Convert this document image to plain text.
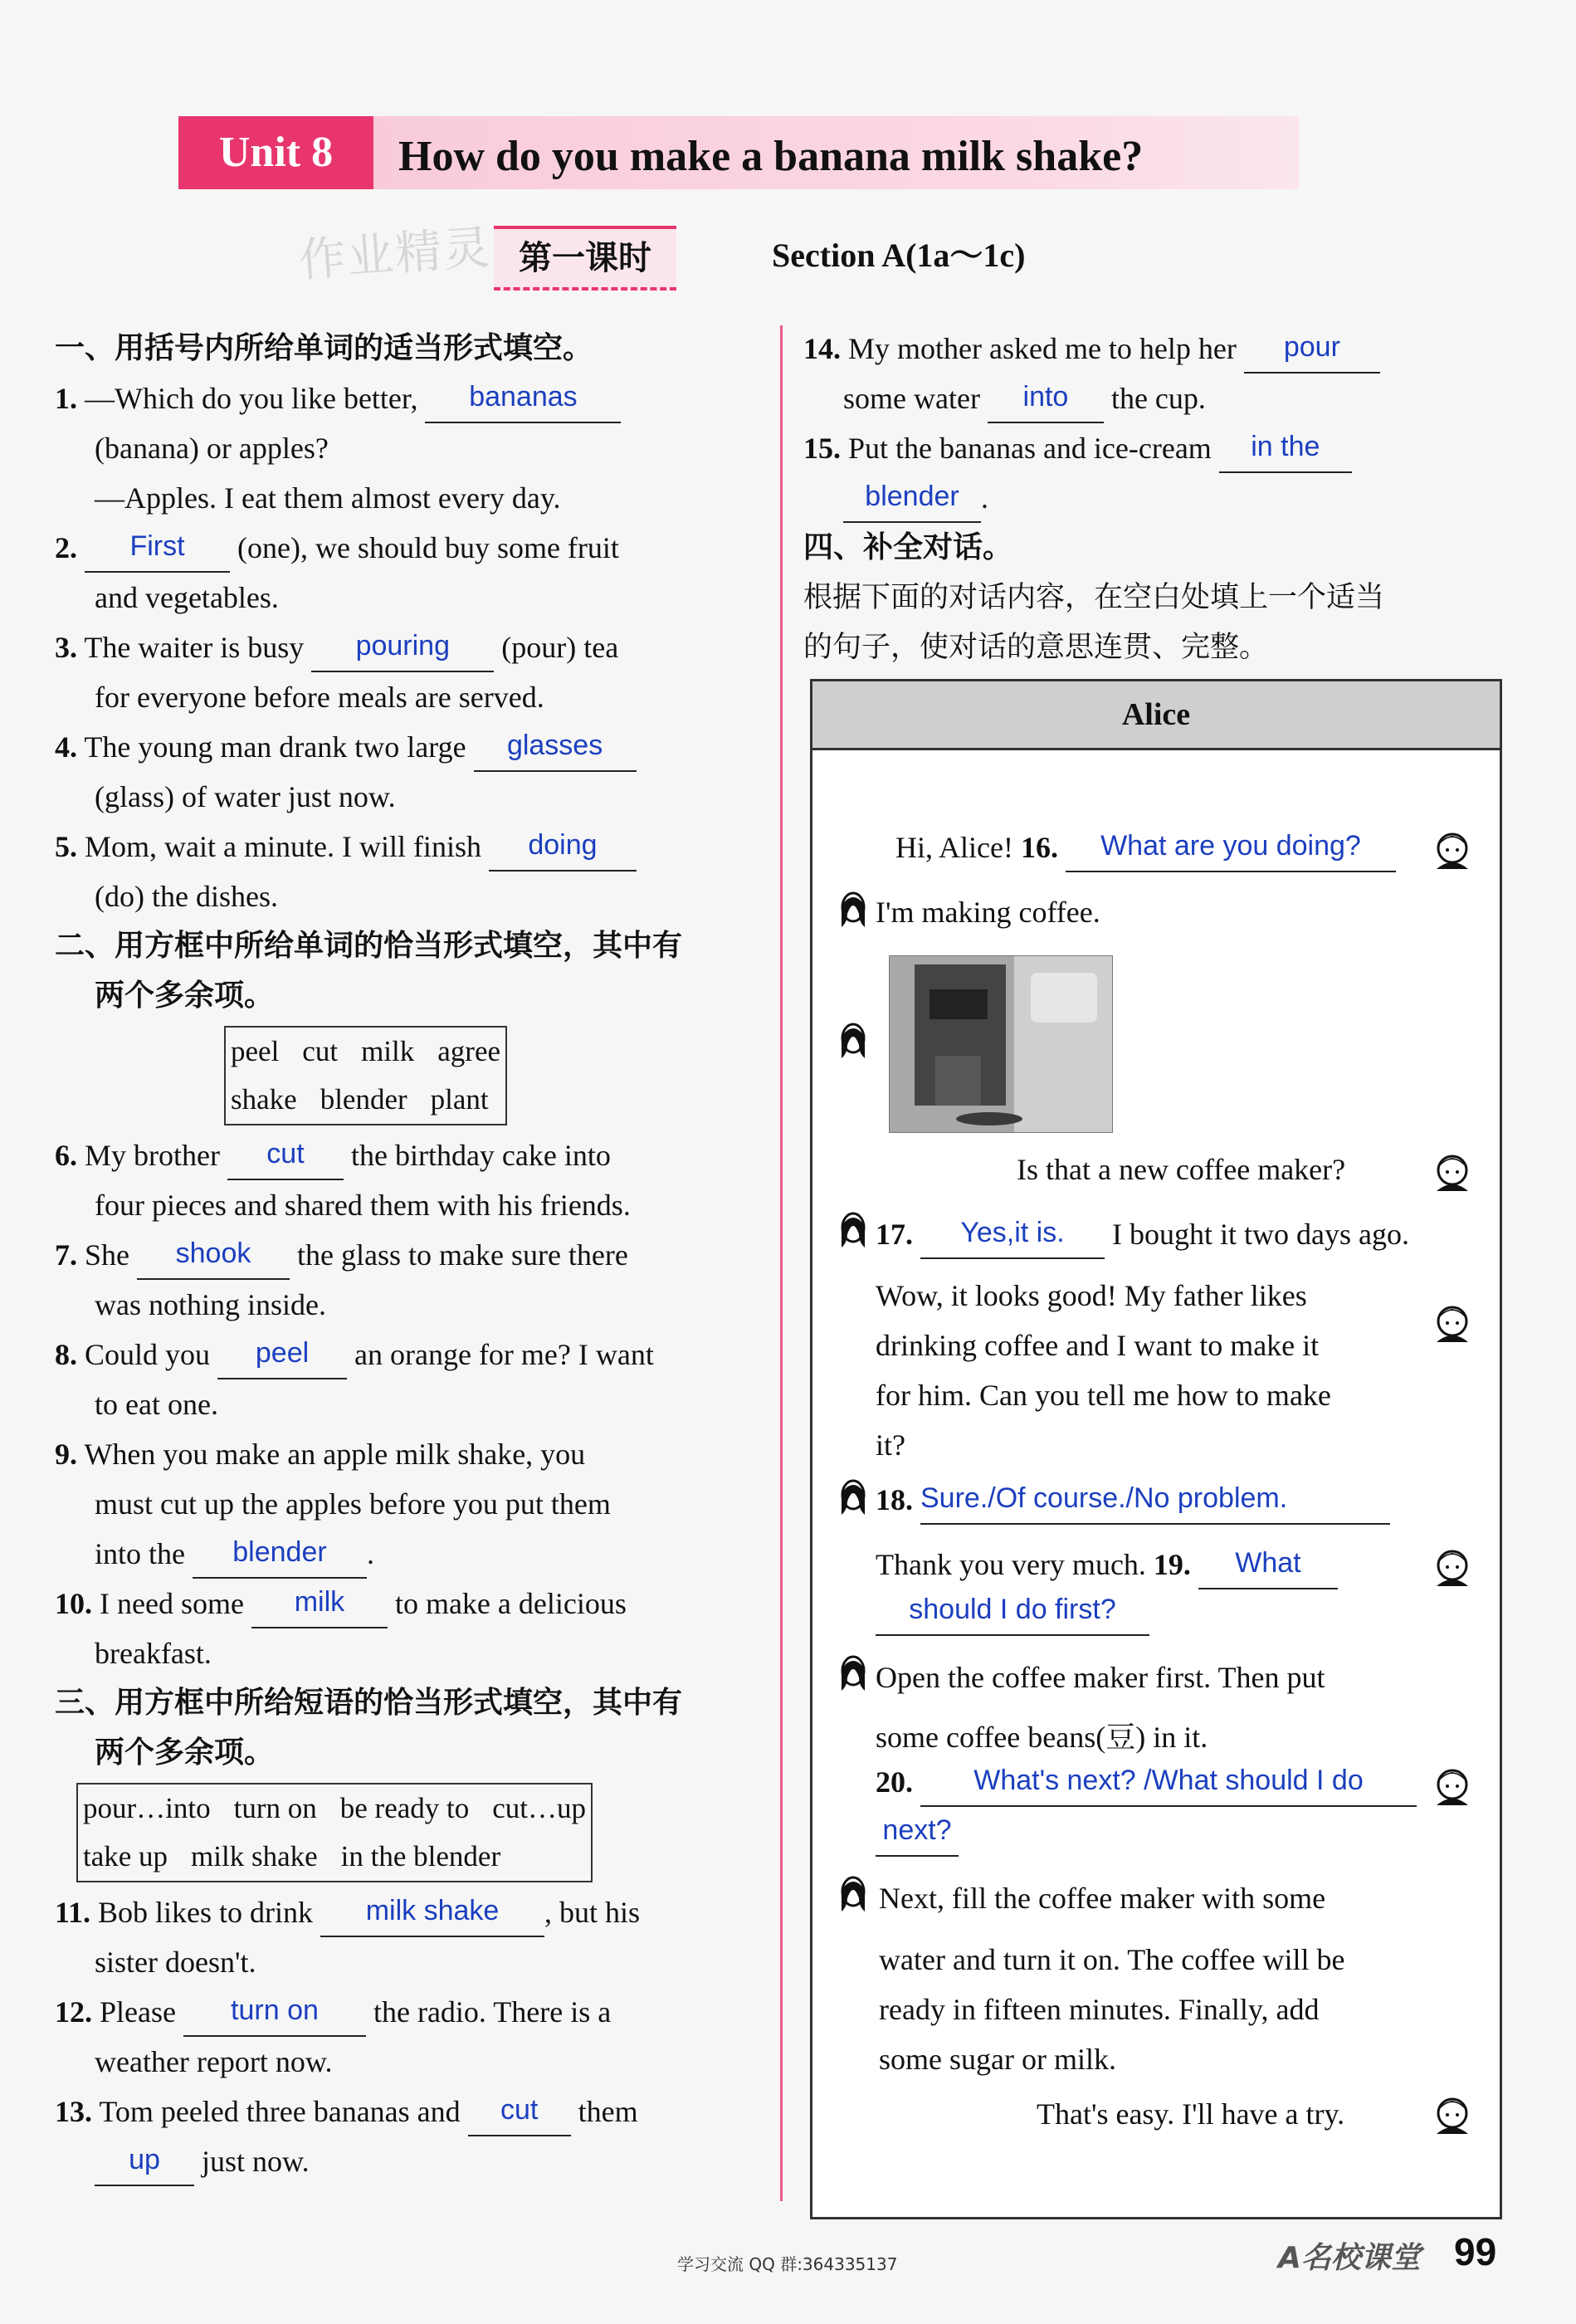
Unit 8	How do you make a banana milk shake?
作业精灵 第一课时	Section A(1a～1c)
一、用括号内所给单词的适当形式填空。
1. —Which do you like better, bananas
(banana) or apples?
—Apples. I eat them almost every day.
2. First (one), we should buy some fruit
and vegetables.
3. The waiter is busy pouring (pour) tea
for everyone before meals are served.
4. The young man drank two large glasses
(glass) of water just now.
5. Mom, wait a minute. I will finish doing
(do) the dishes.
二、用方框中所给单词的恰当形式填空，其中有
两个多余项。
peel cut milk agree
shake blender plant
6. My brother cut the birthday cake into
four pieces and shared them with his friends.
7. She shook the glass to make sure there
was nothing inside.
8. Could you peel an orange for me? I want
to eat one.
9. When you make an apple milk shake, you
must cut up the apples before you put them
into the blender .
10. I need some milk to make a delicious
breakfast.
三、用方框中所给短语的恰当形式填空，其中有
两个多余项。
pour…into turn on be ready to cut…up
take up milk shake in the blender
11. Bob likes to drink milk shake , but his
sister doesn't.
12. Please turn on the radio. There is a
weather report now.
13. Tom peeled three bananas and cut them
up just now.
14. My mother asked me to help her pour
some water into the cup.
15. Put the bananas and ice-cream in the
blender .
四、补全对话。
根据下面的对话内容，在空白处填上一个适当
的句子，使对话的意思连贯、完整。
Alice
Hi, Alice! 16. What are you doing?
I'm making coffee.
Is that a new coffee maker?
17. Yes,it is. I bought it two days ago.
Wow, it looks good! My father likes
drinking coffee and I want to make it
for him. Can you tell me how to make
it?
18. Sure./Of course./No problem.
Thank you very much. 19. What
should I do first?
Open the coffee maker first. Then put
some coffee beans(豆) in it.
20. What's next? /What should I do
next?
Next, fill the coffee maker with some
water and turn it on. The coffee will be
ready in fifteen minutes. Finally, add
some sugar or milk.
That's easy. I'll have a try.
学习交流 QQ 群:364335137	A名校课堂 99
